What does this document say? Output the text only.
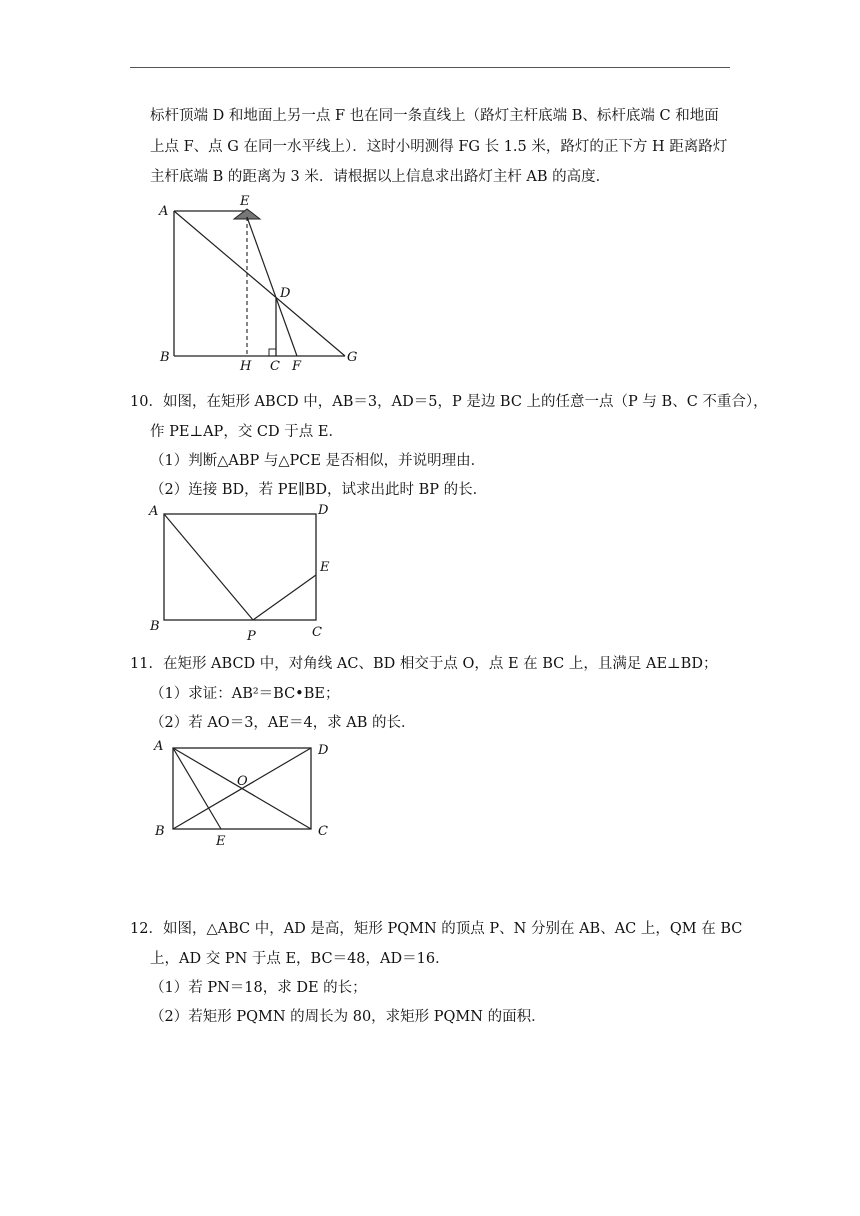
标杆顶端 D 和地面上另一点 F 也在同一条直线上（路灯主杆底端 B、标杆底端 C 和地面
上点 F、点 G 在同一水平线上）．这时小明测得 FG 长 1.5 米，路灯的正下方 H 距离路灯
主杆底端 B 的距离为 3 米．请根据以上信息求出路灯主杆 AB 的高度．
A
E
D
B
H C F
G
10．如图，在矩形 ABCD 中，AB＝3，AD＝5，P 是边 BC 上的任意一点（P 与 B、C 不重合），
作 PE⊥AP，交 CD 于点 E．
（1）判断△ABP 与△PCE 是否相似，并说明理由．
（2）连接 BD，若 PE∥BD，试求出此时 BP 的长．
A	D
E
B
P	C
11．在矩形 ABCD 中，对角线 AC、BD 相交于点 O，点 E 在 BC 上，且满足 AE⊥BD；
（1）求证：AB²＝BC•BE；
（2）若 AO＝3，AE＝4，求 AB 的长．
A	D
O
B
E
C
12．如图，△ABC 中，AD 是高，矩形 PQMN 的顶点 P、N 分别在 AB、AC 上，QM 在 BC
上，AD 交 PN 于点 E，BC＝48，AD＝16．
（1）若 PN＝18，求 DE 的长；
（2）若矩形 PQMN 的周长为 80，求矩形 PQMN 的面积．
